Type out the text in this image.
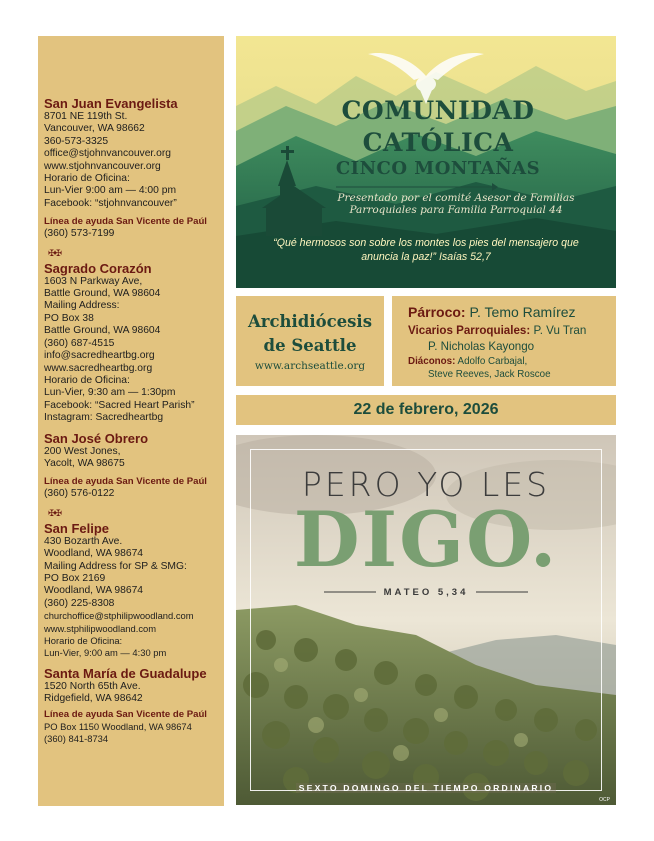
San Juan Evangelista
8701 NE 119th St.
Vancouver, WA 98662
360-573-3325
office@stjohnvancouver.org
www.stjohnvancouver.org
Horario de Oficina:
Lun-Vier 9:00 am — 4:00 pm
Facebook: “stjohnvancouver”
Línea de ayuda San Vicente de Paúl
(360) 573-7199
✠✠
Sagrado Corazón
1603 N Parkway Ave,
Battle Ground, WA 98604
Mailing Address:
PO Box 38
Battle Ground, WA 98604
(360) 687-4515
info@sacredheartbg.org
www.sacredheartbg.org
Horario de Oficina:
Lun-Vier, 9:30 am — 1:30pm
Facebook: “Sacred Heart Parish”
Instagram: Sacredheartbg
San José Obrero
200 West Jones,
Yacolt, WA 98675
Línea de ayuda San Vicente de Paúl
(360) 576-0122
✠✠
San Felipe
430 Bozarth Ave.
Woodland, WA 98674
Mailing Address for SP & SMG:
PO Box 2169
Woodland, WA 98674
(360) 225-8308
churchoffice@stphilipwoodland.com
www.stphilipwoodland.com
Horario de Oficina:
Lun-Vier, 9:00 am — 4:30 pm
Santa María de Guadalupe
1520 North 65th Ave.
Ridgefield, WA 98642
Línea de ayuda San Vicente de Paúl
PO Box 1150 Woodland, WA 98674
(360) 841-8734
COMUNIDAD
CATÓLICA
CINCO MONTAÑAS
Presentado por el comité Asesor de Familias Parroquiales para Familia Parroquial 44
“Qué hermosos son sobre los montes los pies del mensajero que anuncia la paz!” Isaías 52,7
Archidiócesis
de Seattle
www.archseattle.org
Párroco: P. Temo Ramírez
Vicarios Parroquiales: P. Vu Tran
P. Nicholas Kayongo
Diáconos: Adolfo Carbajal,
Steve Reeves, Jack Roscoe
22 de febrero, 2026
PERO YO LES
DIGO.
MATEO 5,34
SEXTO DOMINGO DEL TIEMPO ORDINARIO
OCP
